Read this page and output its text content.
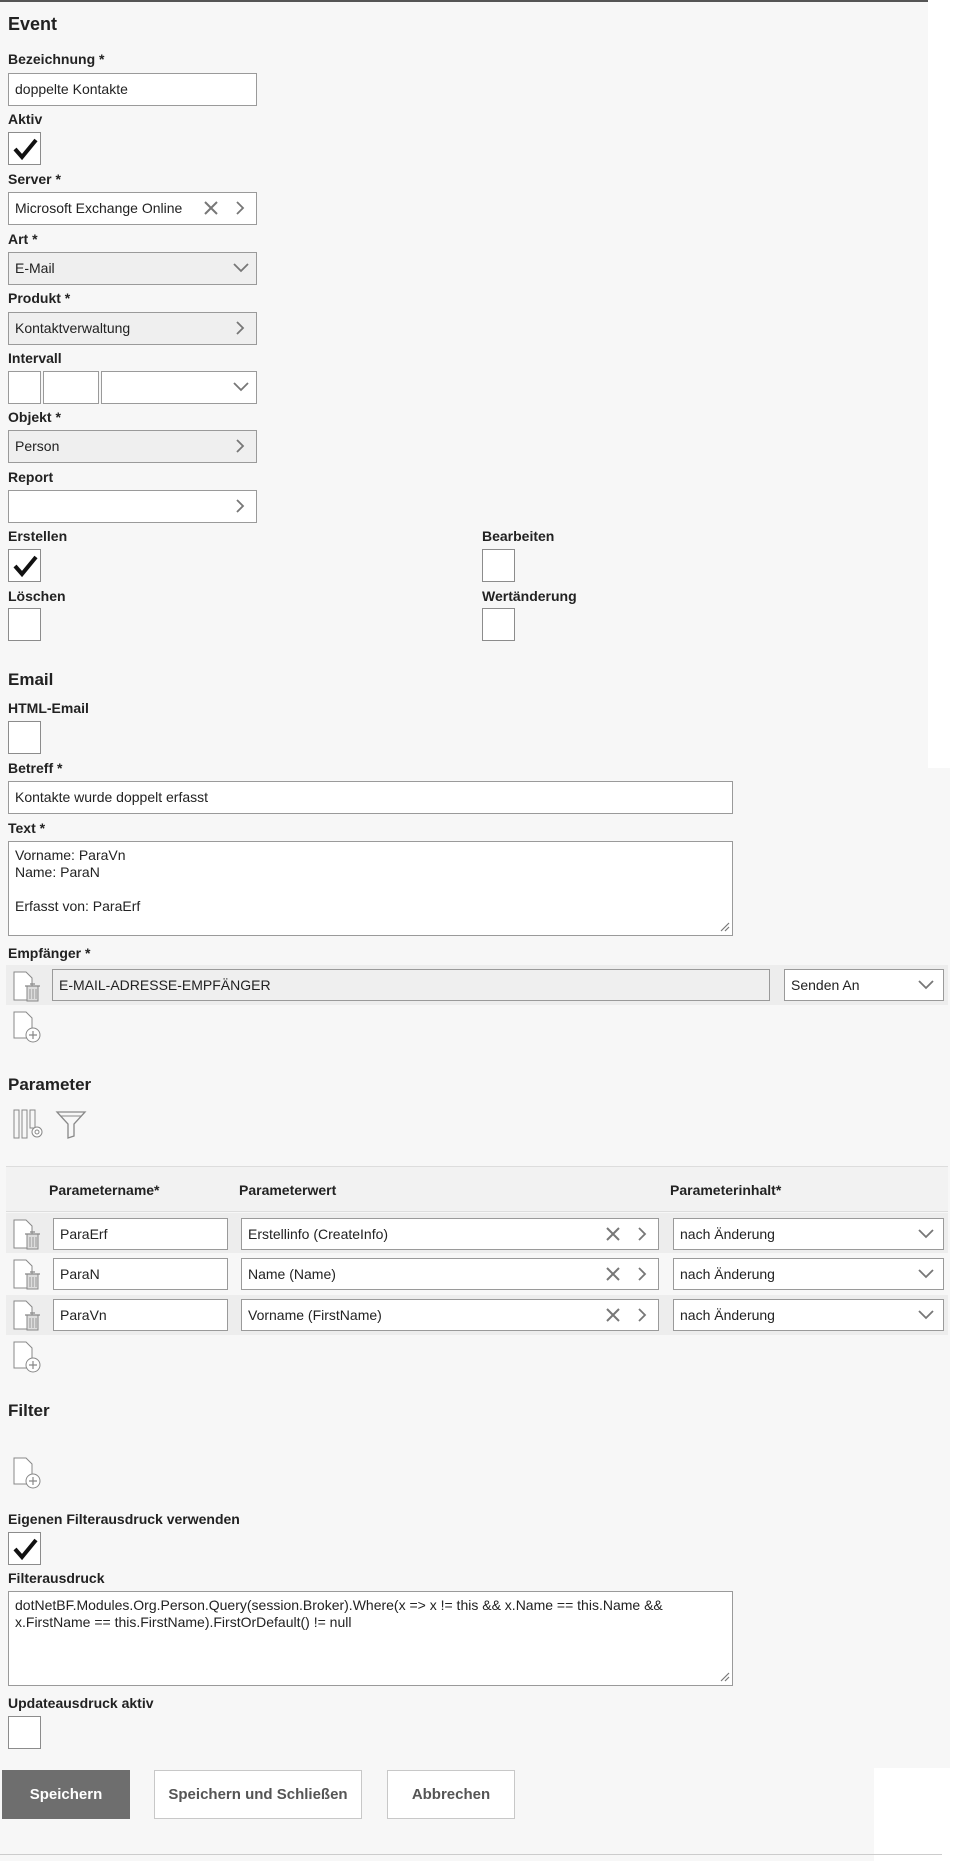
Event
Bezeichnung *
doppelte Kontakte
Aktiv
Server *
Microsoft Exchange Online
Art *
E-Mail
Produkt *
Kontaktverwaltung
Intervall
Objekt *
Person
Report
Erstellen	Bearbeiten
Löschen	Wertänderung
Email
HTML-Email
Betreff *
Kontakte wurde doppelt erfasst
Text *
Vorname: ParaVn Name: ParaN Erfasst von: ParaErf
Empfänger *
E-MAIL-ADRESSE-EMPFÄNGER	Senden An
Parameter
Parametername*	Parameterwert	Parameterinhalt*
ParaErf	Erstellinfo (CreateInfo)	nach Änderung
ParaN	Name (Name)	nach Änderung
ParaVn	Vorname (FirstName)	nach Änderung
Filter
Eigenen Filterausdruck verwenden
Filterausdruck
dotNetBF.Modules.Org.Person.Query(session.Broker).Where(x => x != this && x.Name == this.Name && x.FirstName == this.FirstName).FirstOrDefault() != null
Updateausdruck aktiv
Speichern	Speichern und Schließen	Abbrechen
